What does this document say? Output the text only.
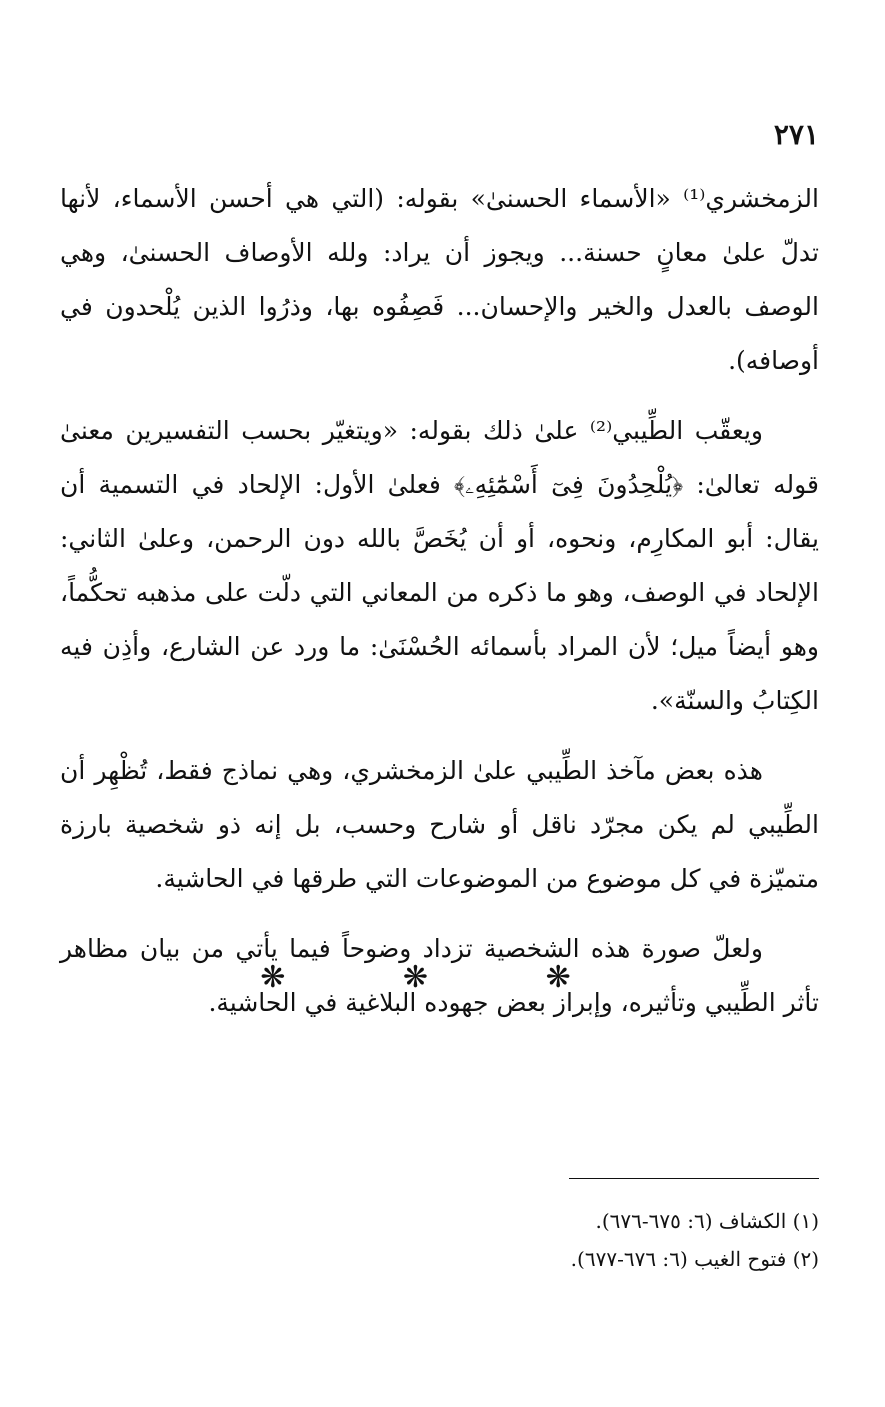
٢٧١

الزمخشري⁽¹⁾ «الأسماء الحسنىٰ» بقوله: (التي هي أحسن الأسماء، لأنها تدلّ علىٰ معانٍ حسنة... ويجوز أن يراد: ولله الأوصاف الحسنىٰ، وهي الوصف بالعدل والخير والإحسان... فَصِفُوه بها، وذرُوا الذين يُلْحدون في أوصافه).

ويعقّب الطِّيبي⁽²⁾ علىٰ ذلك بقوله: «ويتغيّر بحسب التفسيرين معنىٰ قوله تعالىٰ: ﴿يُلْحِدُونَ فِىٓ أَسْمَٰٓئِهِۦ﴾ فعلىٰ الأول: الإلحاد في التسمية أن يقال: أبو المكارِم، ونحوه، أو أن يُخَصَّ بالله دون الرحمن، وعلىٰ الثاني: الإلحاد في الوصف، وهو ما ذكره من المعاني التي دلّت على مذهبه تحكُّماً، وهو أيضاً ميل؛ لأن المراد بأسمائه الحُسْنَىٰ: ما ورد عن الشارع، وأذِن فيه الكِتابُ والسنّة».

هذه بعض مآخذ الطِّيبي علىٰ الزمخشري، وهي نماذج فقط، تُظْهِر أن الطِّيبي لم يكن مجرّد ناقل أو شارح وحسب، بل إنه ذو شخصية بارزة متميّزة في كل موضوع من الموضوعات التي طرقها في الحاشية.

ولعلّ صورة هذه الشخصية تزداد وضوحاً فيما يأتي من بيان مظاهر تأثر الطِّيبي وتأثيره، وإبراز بعض جهوده البلاغية في الحاشية.

❋ ❋ ❋
(١) الكشاف (٦: ٦٧٥-٦٧٦).
(٢) فتوح الغيب (٦: ٦٧٦-٦٧٧).
